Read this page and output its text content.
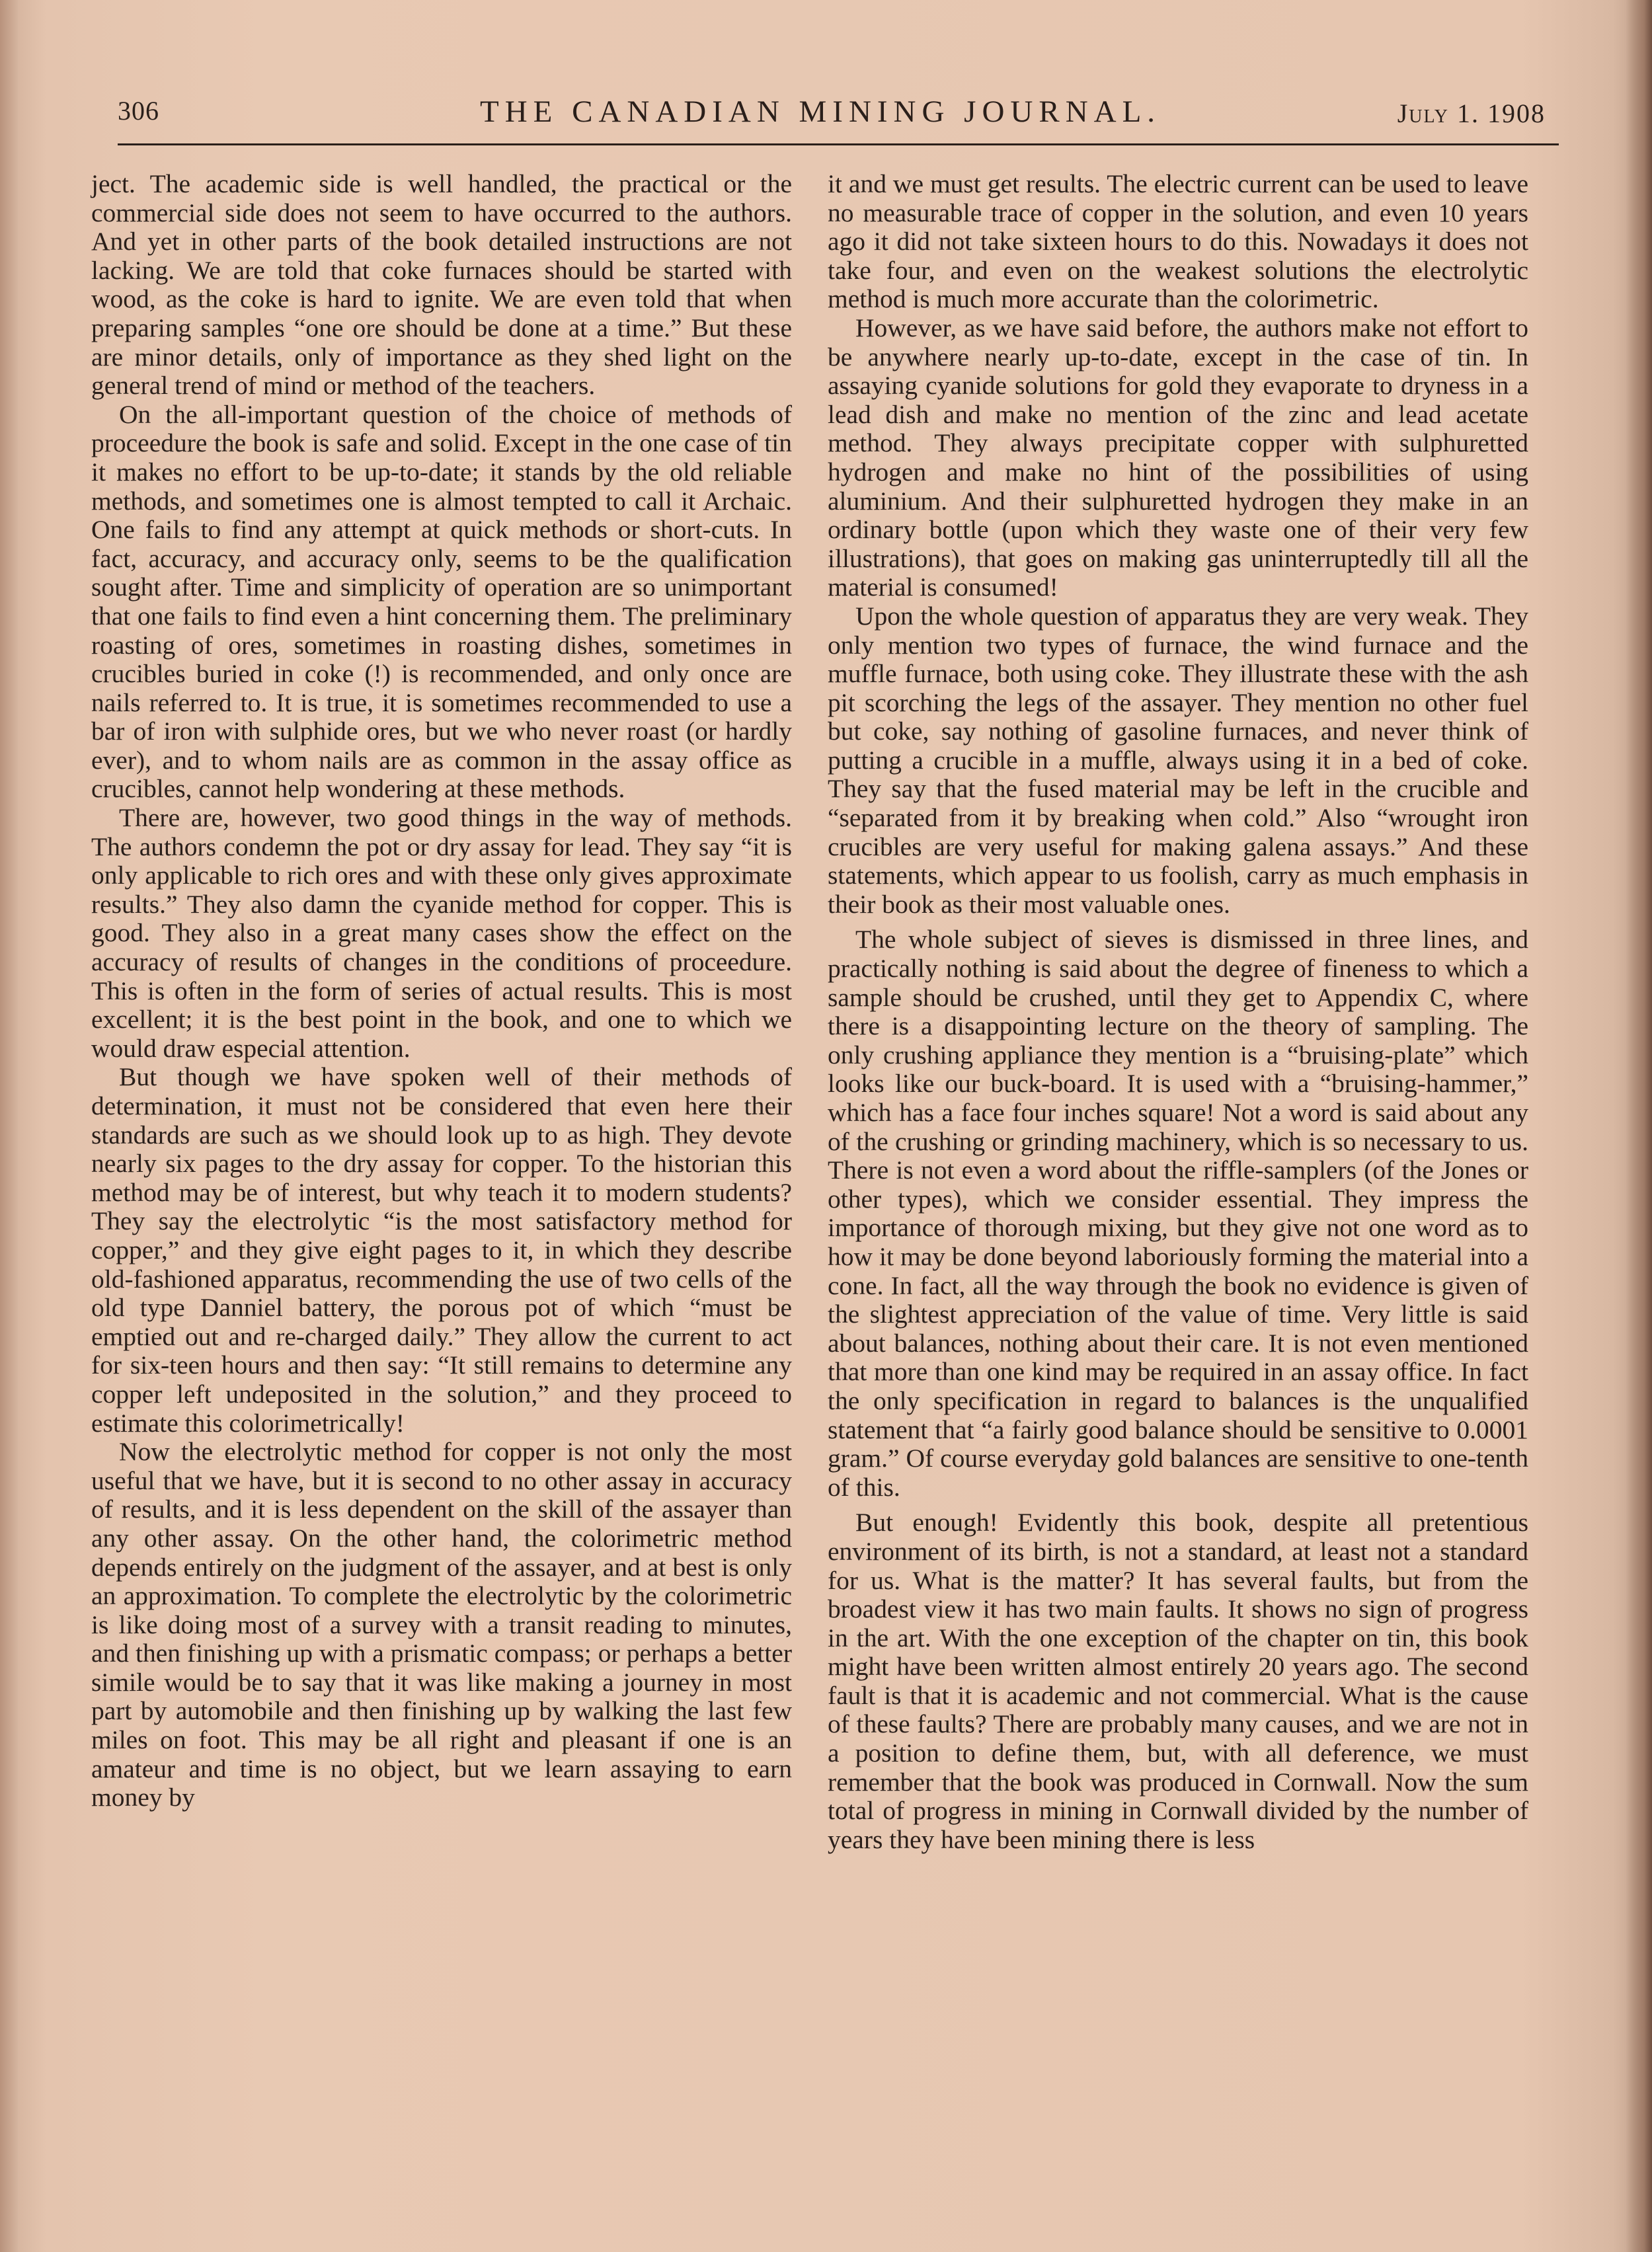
306	THE CANADIAN MINING JOURNAL.	July 1. 1908

ject. The academic side is well handled, the practical or the commercial side does not seem to have occurred to the authors. And yet in other parts of the book detailed instructions are not lacking. We are told that coke furnaces should be started with wood, as the coke is hard to ignite. We are even told that when preparing samples “one ore should be done at a time.” But these are minor details, only of importance as they shed light on the general trend of mind or method of the teachers.

On the all-important question of the choice of methods of proceedure the book is safe and solid. Except in the one case of tin it makes no effort to be up-to-date; it stands by the old reliable methods, and sometimes one is almost tempted to call it Archaic. One fails to find any attempt at quick methods or short-cuts. In fact, accuracy, and accuracy only, seems to be the qualification sought after. Time and simplicity of operation are so unimportant that one fails to find even a hint concerning them. The preliminary roasting of ores, sometimes in roasting dishes, sometimes in crucibles buried in coke (!) is recommended, and only once are nails referred to. It is true, it is sometimes recommended to use a bar of iron with sulphide ores, but we who never roast (or hardly ever), and to whom nails are as common in the assay office as crucibles, cannot help wondering at these methods.

There are, however, two good things in the way of methods. The authors condemn the pot or dry assay for lead. They say “it is only applicable to rich ores and with these only gives approximate results.” They also damn the cyanide method for copper. This is good. They also in a great many cases show the effect on the accuracy of results of changes in the conditions of proceedure. This is often in the form of series of actual results. This is most excellent; it is the best point in the book, and one to which we would draw especial attention.

But though we have spoken well of their methods of determination, it must not be considered that even here their standards are such as we should look up to as high. They devote nearly six pages to the dry assay for copper. To the historian this method may be of interest, but why teach it to modern students? They say the electrolytic “is the most satisfactory method for copper,” and they give eight pages to it, in which they describe old-fashioned apparatus, recommending the use of two cells of the old type Danniel battery, the porous pot of which “must be emptied out and re-charged daily.” They allow the current to act for six-teen hours and then say: “It still remains to determine any copper left undeposited in the solution,” and they proceed to estimate this colorimetrically!

Now the electrolytic method for copper is not only the most useful that we have, but it is second to no other assay in accuracy of results, and it is less dependent on the skill of the assayer than any other assay. On the other hand, the colorimetric method depends entirely on the judgment of the assayer, and at best is only an approximation. To complete the electrolytic by the colorimetric is like doing most of a survey with a transit reading to minutes, and then finishing up with a prismatic compass; or perhaps a better simile would be to say that it was like making a journey in most part by automobile and then finishing up by walking the last few miles on foot. This may be all right and pleasant if one is an amateur and time is no object, but we learn assaying to earn money by

it and we must get results. The electric current can be used to leave no measurable trace of copper in the solution, and even 10 years ago it did not take sixteen hours to do this. Nowadays it does not take four, and even on the weakest solutions the electrolytic method is much more accurate than the colorimetric.

However, as we have said before, the authors make not effort to be anywhere nearly up-to-date, except in the case of tin. In assaying cyanide solutions for gold they evaporate to dryness in a lead dish and make no mention of the zinc and lead acetate method. They always precipitate copper with sulphuretted hydrogen and make no hint of the possibilities of using aluminium. And their sulphuretted hydrogen they make in an ordinary bottle (upon which they waste one of their very few illustrations), that goes on making gas uninterruptedly till all the material is consumed!

Upon the whole question of apparatus they are very weak. They only mention two types of furnace, the wind furnace and the muffle furnace, both using coke. They illustrate these with the ash pit scorching the legs of the assayer. They mention no other fuel but coke, say nothing of gasoline furnaces, and never think of putting a crucible in a muffle, always using it in a bed of coke. They say that the fused material may be left in the crucible and “separated from it by breaking when cold.” Also “wrought iron crucibles are very useful for making galena assays.” And these statements, which appear to us foolish, carry as much emphasis in their book as their most valuable ones.

The whole subject of sieves is dismissed in three lines, and practically nothing is said about the degree of fineness to which a sample should be crushed, until they get to Appendix C, where there is a disappointing lecture on the theory of sampling. The only crushing appliance they mention is a “bruising-plate” which looks like our buck-board. It is used with a “bruising-hammer,” which has a face four inches square! Not a word is said about any of the crushing or grinding machinery, which is so necessary to us. There is not even a word about the riffle-samplers (of the Jones or other types), which we consider essential. They impress the importance of thorough mixing, but they give not one word as to how it may be done beyond laboriously forming the material into a cone. In fact, all the way through the book no evidence is given of the slightest appreciation of the value of time. Very little is said about balances, nothing about their care. It is not even mentioned that more than one kind may be required in an assay office. In fact the only specification in regard to balances is the unqualified statement that “a fairly good balance should be sensitive to 0.0001 gram.” Of course everyday gold balances are sensitive to one-tenth of this.

But enough! Evidently this book, despite all pretentious environment of its birth, is not a standard, at least not a standard for us. What is the matter? It has several faults, but from the broadest view it has two main faults. It shows no sign of progress in the art. With the one exception of the chapter on tin, this book might have been written almost entirely 20 years ago. The second fault is that it is academic and not commercial. What is the cause of these faults? There are probably many causes, and we are not in a position to define them, but, with all deference, we must remember that the book was produced in Cornwall. Now the sum total of progress in mining in Cornwall divided by the number of years they have been mining there is less
